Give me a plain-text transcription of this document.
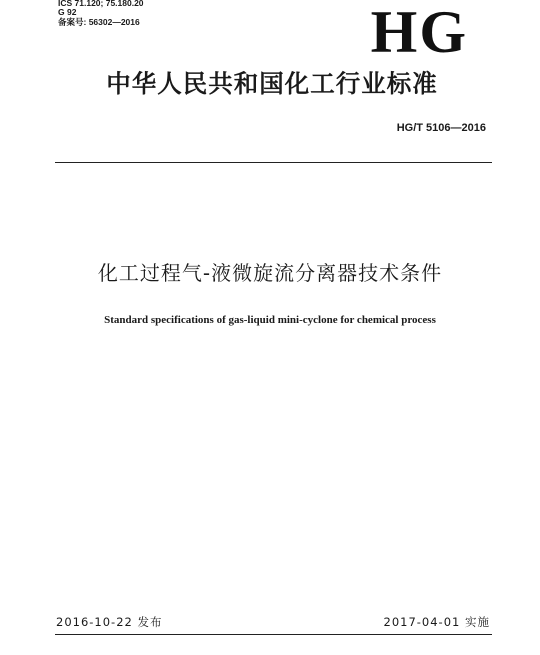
ICS 71.120; 75.180.20
G 92
备案号: 56302—2016	HG
中华人民共和国化工行业标准
HG/T 5106—2016
化工过程气-液微旋流分离器技术条件
Standard specifications of gas-liquid mini-cyclone for chemical process
2016-10-22 发布	2017-04-01 实施
